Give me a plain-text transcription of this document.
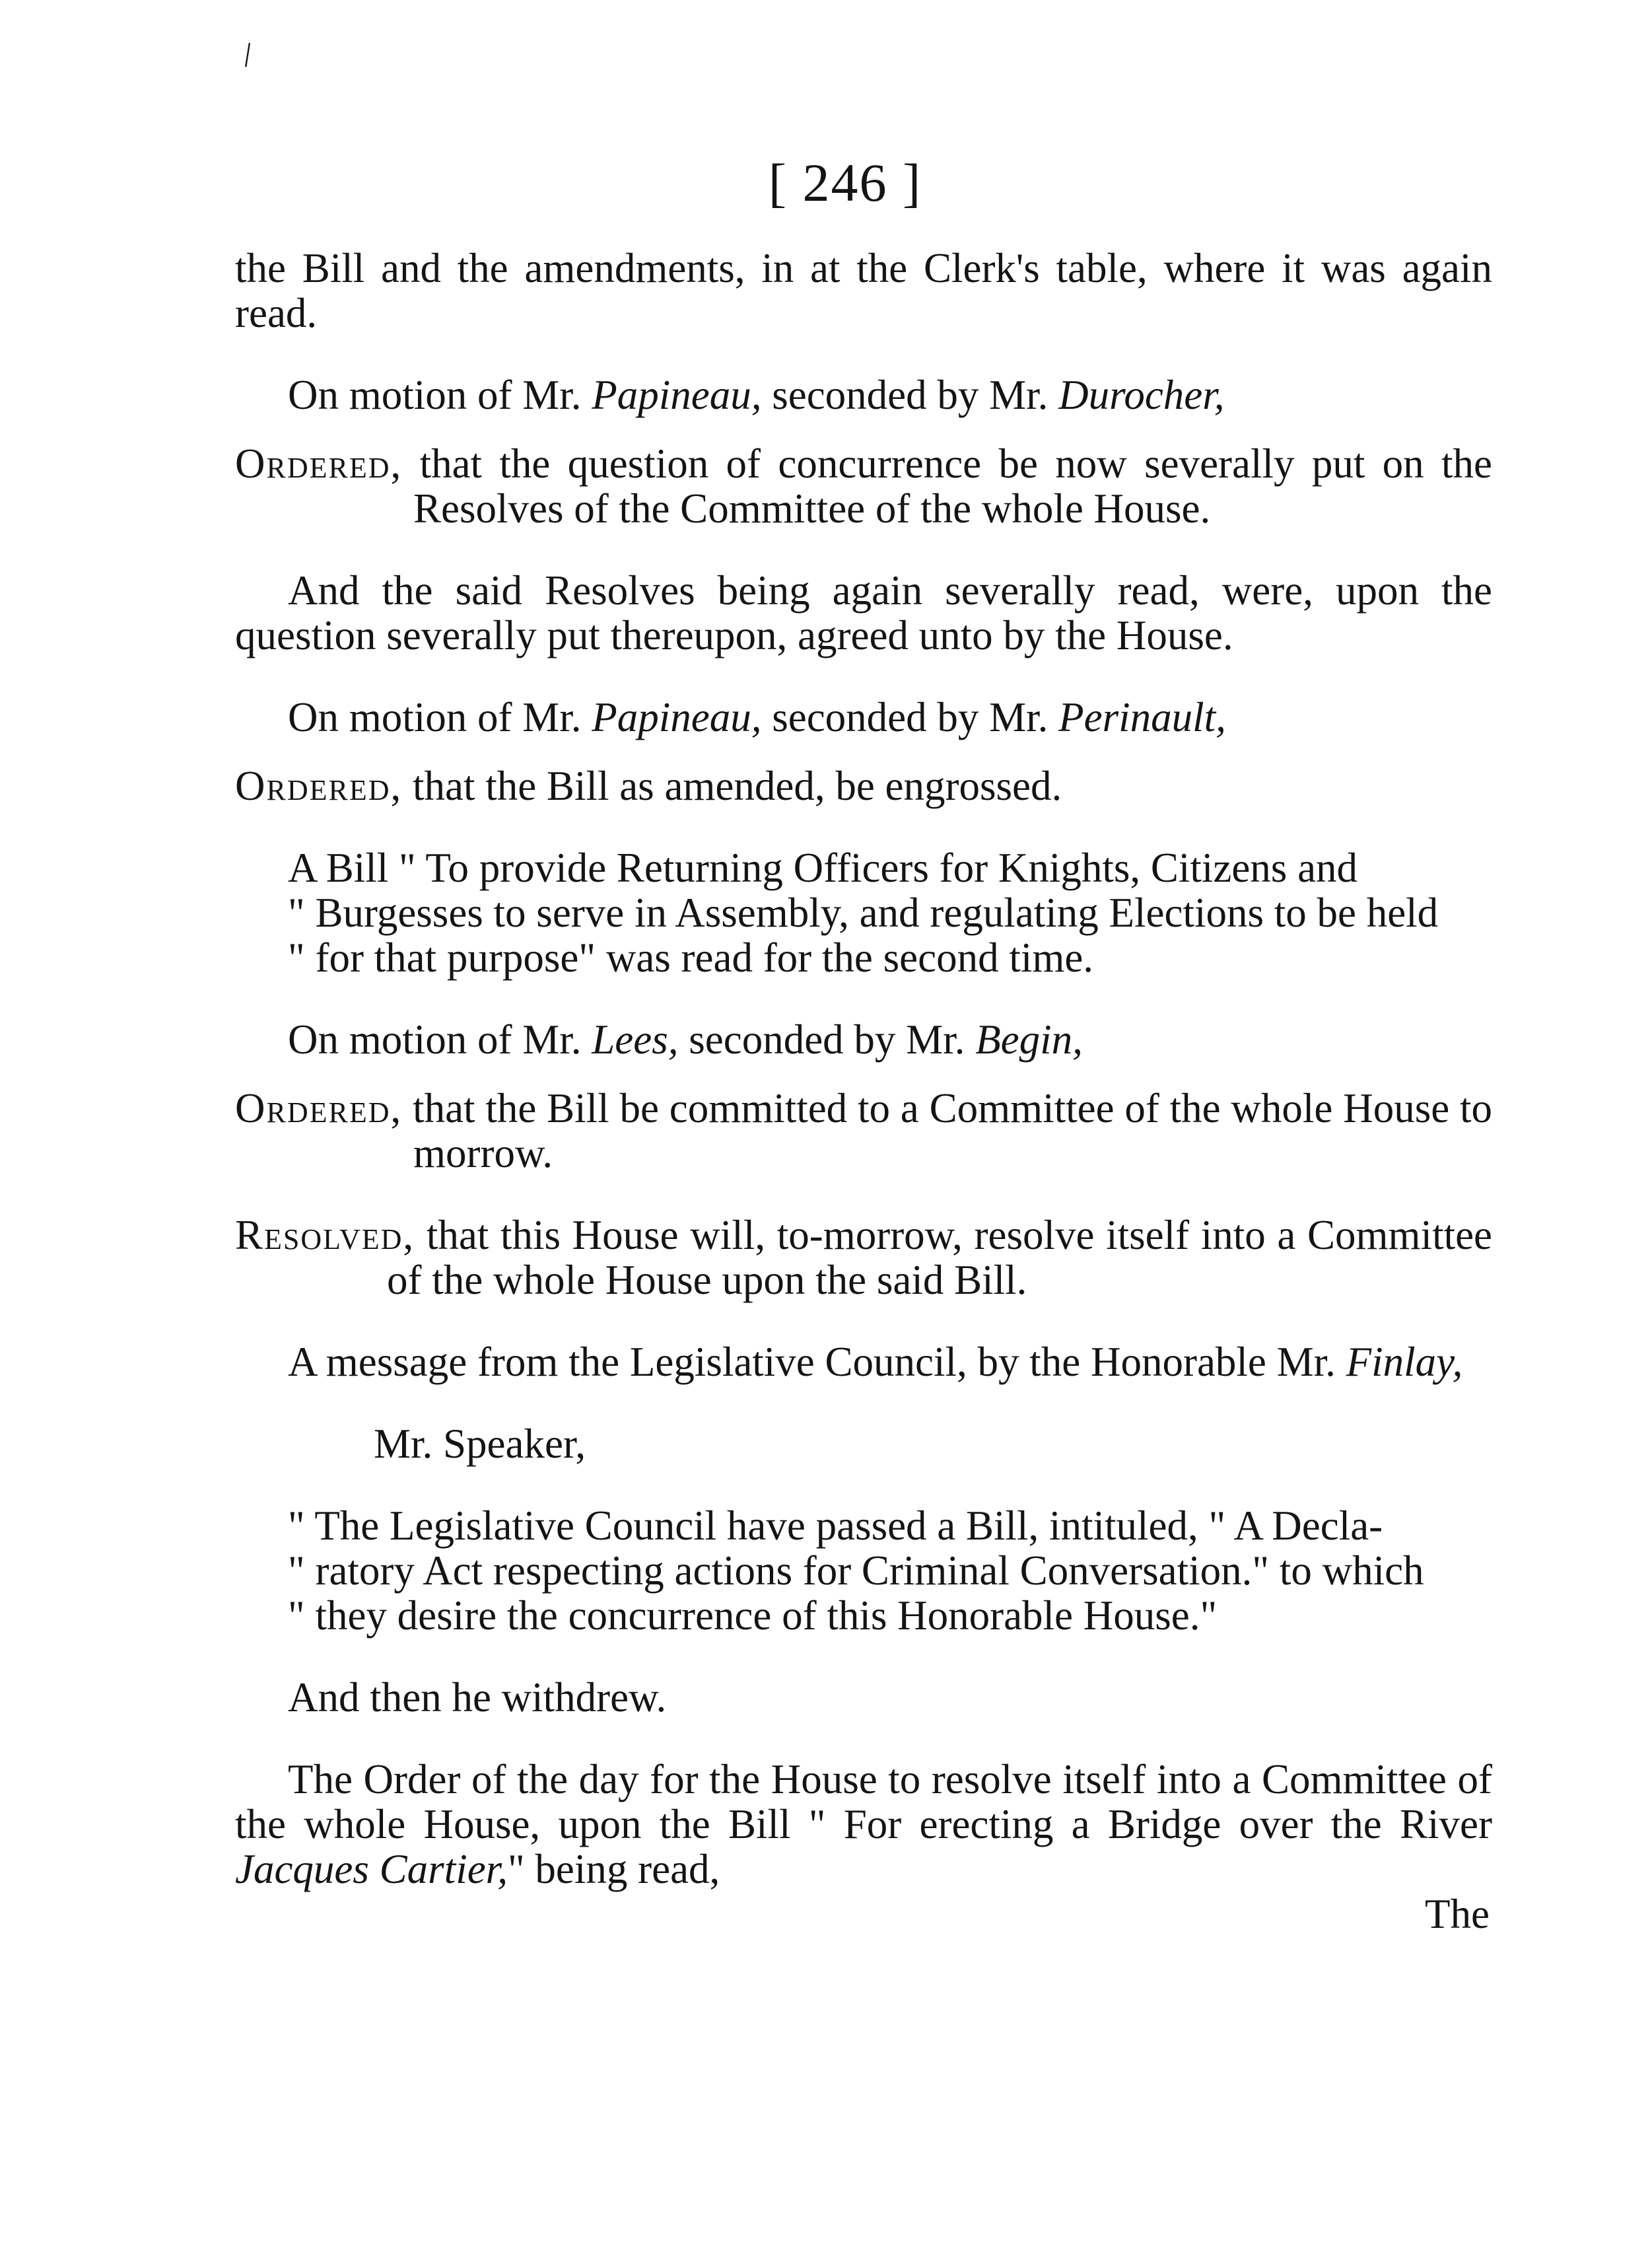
/
[ 246 ]

the Bill and the amendments, in at the Clerk's table, where it was again read.

On motion of Mr. Papineau, seconded by Mr. Durocher,

Ordered, that the question of concurrence be now severally put on the Resolves of the Committee of the whole House.

And the said Resolves being again severally read, were, upon the question severally put thereupon, agreed unto by the House.

On motion of Mr. Papineau, seconded by Mr. Perinault,

Ordered, that the Bill as amended, be engrossed.

A Bill " To provide Returning Officers for Knights, Citizens and
" Burgesses to serve in Assembly, and regulating Elections to be held
" for that purpose" was read for the second time.

On motion of Mr. Lees, seconded by Mr. Begin,

Ordered, that the Bill be committed to a Committee of the whole House to morrow.

Resolved, that this House will, to-morrow, resolve itself into a Committee of the whole House upon the said Bill.

A message from the Legislative Council, by the Honorable Mr. Finlay,

Mr. Speaker,

" The Legislative Council have passed a Bill, intituled, " A Decla-
" ratory Act respecting actions for Criminal Conversation." to which
" they desire the concurrence of this Honorable House."

And then he withdrew.

The Order of the day for the House to resolve itself into a Committee of the whole House, upon the Bill " For erecting a Bridge over the River Jacques Cartier," being read,

The
